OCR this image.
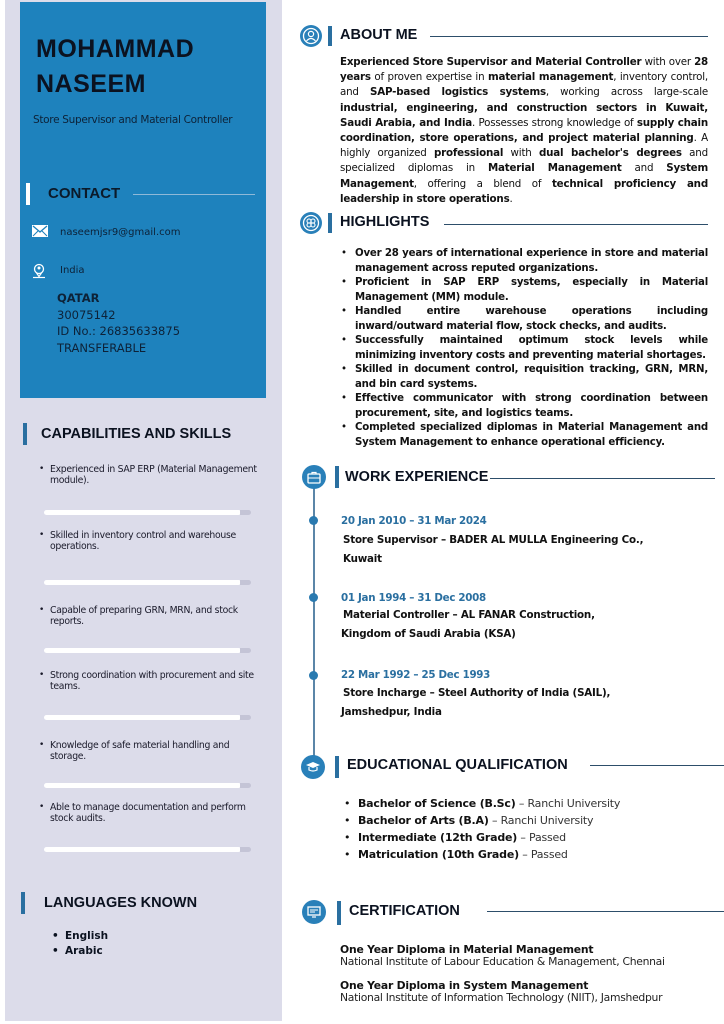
MOHAMMAD
NASEEM
Store Supervisor and Material Controller
CONTACT
naseemjsr9@gmail.com
India
QATAR
30075142
ID No.: 26835633875
TRANSFERABLE
CAPABILITIES AND SKILLS
• Experienced in SAP ERP (Material Management module).
• Skilled in inventory control and warehouse operations.
• Capable of preparing GRN, MRN, and stock reports.
• Strong coordination with procurement and site teams.
• Knowledge of safe material handling and storage.
• Able to manage documentation and perform stock audits.
LANGUAGES KNOWN
• English
• Arabic
ABOUT ME
Experienced Store Supervisor and Material Controller with over 28 years of proven expertise in material management, inventory control, and SAP-based logistics systems, working across large-scale industrial, engineering, and construction sectors in Kuwait, Saudi Arabia, and India. Possesses strong knowledge of supply chain coordination, store operations, and project material planning. A highly organized professional with dual bachelor's degrees and specialized diplomas in Material Management and System Management, offering a blend of technical proficiency and leadership in store operations.
HIGHLIGHTS
• Over 28 years of international experience in store and material management across reputed organizations.
• Proficient in SAP ERP systems, especially in Material Management (MM) module.
• Handled entire warehouse operations including inward/outward material flow, stock checks, and audits.
• Successfully maintained optimum stock levels while minimizing inventory costs and preventing material shortages.
• Skilled in document control, requisition tracking, GRN, MRN, and bin card systems.
• Effective communicator with strong coordination between procurement, site, and logistics teams.
• Completed specialized diplomas in Material Management and System Management to enhance operational efficiency.
WORK EXPERIENCE
20 Jan 2010 – 31 Mar 2024
Store Supervisor – BADER AL MULLA Engineering Co.,
Kuwait
01 Jan 1994 – 31 Dec 2008
Material Controller – AL FANAR Construction,
Kingdom of Saudi Arabia (KSA)
22 Mar 1992 – 25 Dec 1993
Store Incharge – Steel Authority of India (SAIL),
Jamshedpur, India
EDUCATIONAL QUALIFICATION
• Bachelor of Science (B.Sc) – Ranchi University
• Bachelor of Arts (B.A) – Ranchi University
• Intermediate (12th Grade) – Passed
• Matriculation (10th Grade) – Passed
CERTIFICATION
One Year Diploma in Material Management
National Institute of Labour Education & Management, Chennai
One Year Diploma in System Management
National Institute of Information Technology (NIIT), Jamshedpur
